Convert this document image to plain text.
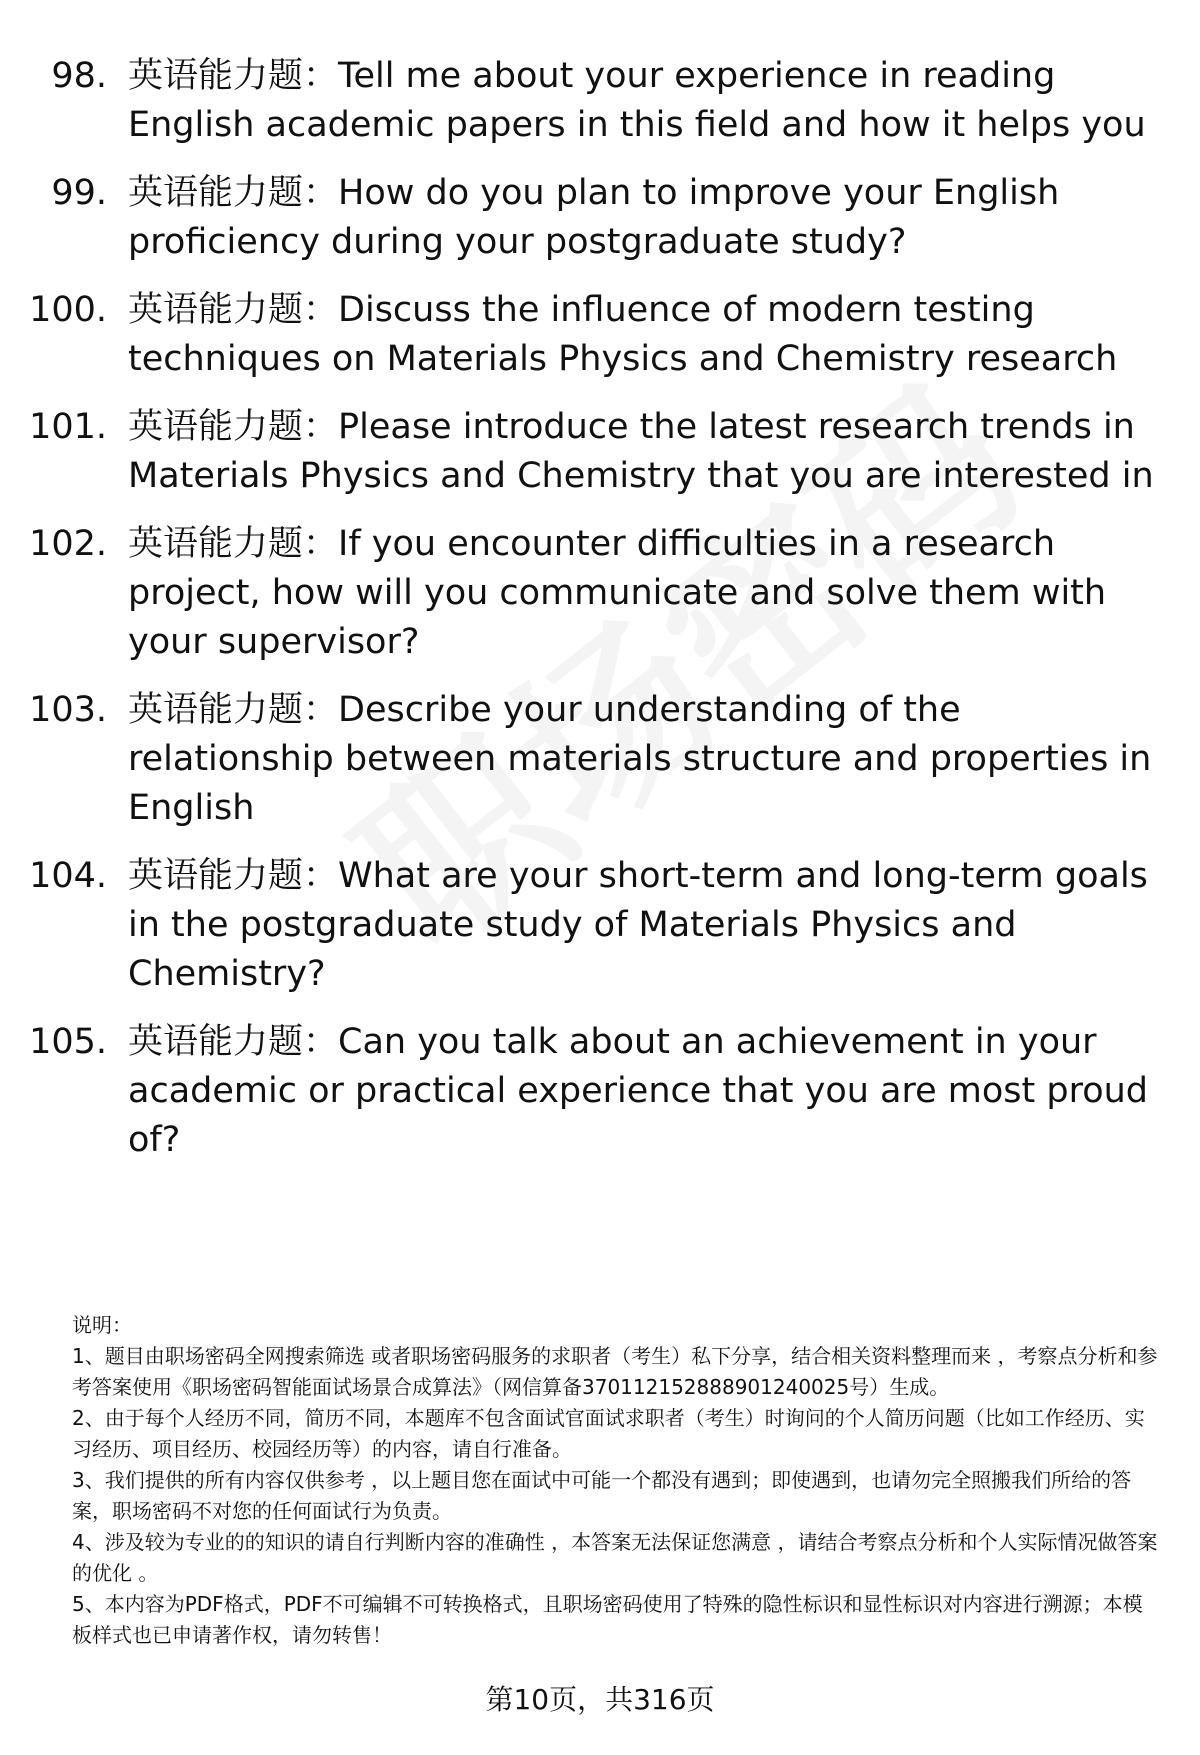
98. 英语能力题：Tell me about your experience in reading English academic papers in this field and how it helps you
99. 英语能力题：How do you plan to improve your English proficiency during your postgraduate study?
100. 英语能力题：Discuss the influence of modern testing techniques on Materials Physics and Chemistry research
101. 英语能力题：Please introduce the latest research trends in Materials Physics and Chemistry that you are interested in
102. 英语能力题：If you encounter difficulties in a research project, how will you communicate and solve them with your supervisor?
103. 英语能力题：Describe your understanding of the relationship between materials structure and properties in English
104. 英语能力题：What are your short-term and long-term goals in the postgraduate study of Materials Physics and Chemistry?
105. 英语能力题：Can you talk about an achievement in your academic or practical experience that you are most proud of?
说明：
1、题目由职场密码全网搜索筛选 或者职场密码服务的求职者（考生）私下分享，结合相关资料整理而来 ，考察点分析和参考答案使用《职场密码智能面试场景合成算法》（网信算备370112152888901240025号）生成。
2、由于每个人经历不同，简历不同，本题库不包含面试官面试求职者（考生）时询问的个人简历问题（比如工作经历、实习经历、项目经历、校园经历等）的内容，请自行准备。
3、我们提供的所有内容仅供参考 ，以上题目您在面试中可能一个都没有遇到；即使遇到，也请勿完全照搬我们所给的答案，职场密码不对您的任何面试行为负责。
4、涉及较为专业的的知识的请自行判断内容的准确性 ，本答案无法保证您满意 ，请结合考察点分析和个人实际情况做答案的优化 。
5、本内容为PDF格式，PDF不可编辑不可转换格式，且职场密码使用了特殊的隐性标识和显性标识对内容进行溯源；本模板样式也已申请著作权，请勿转售！
第10页，共316页
